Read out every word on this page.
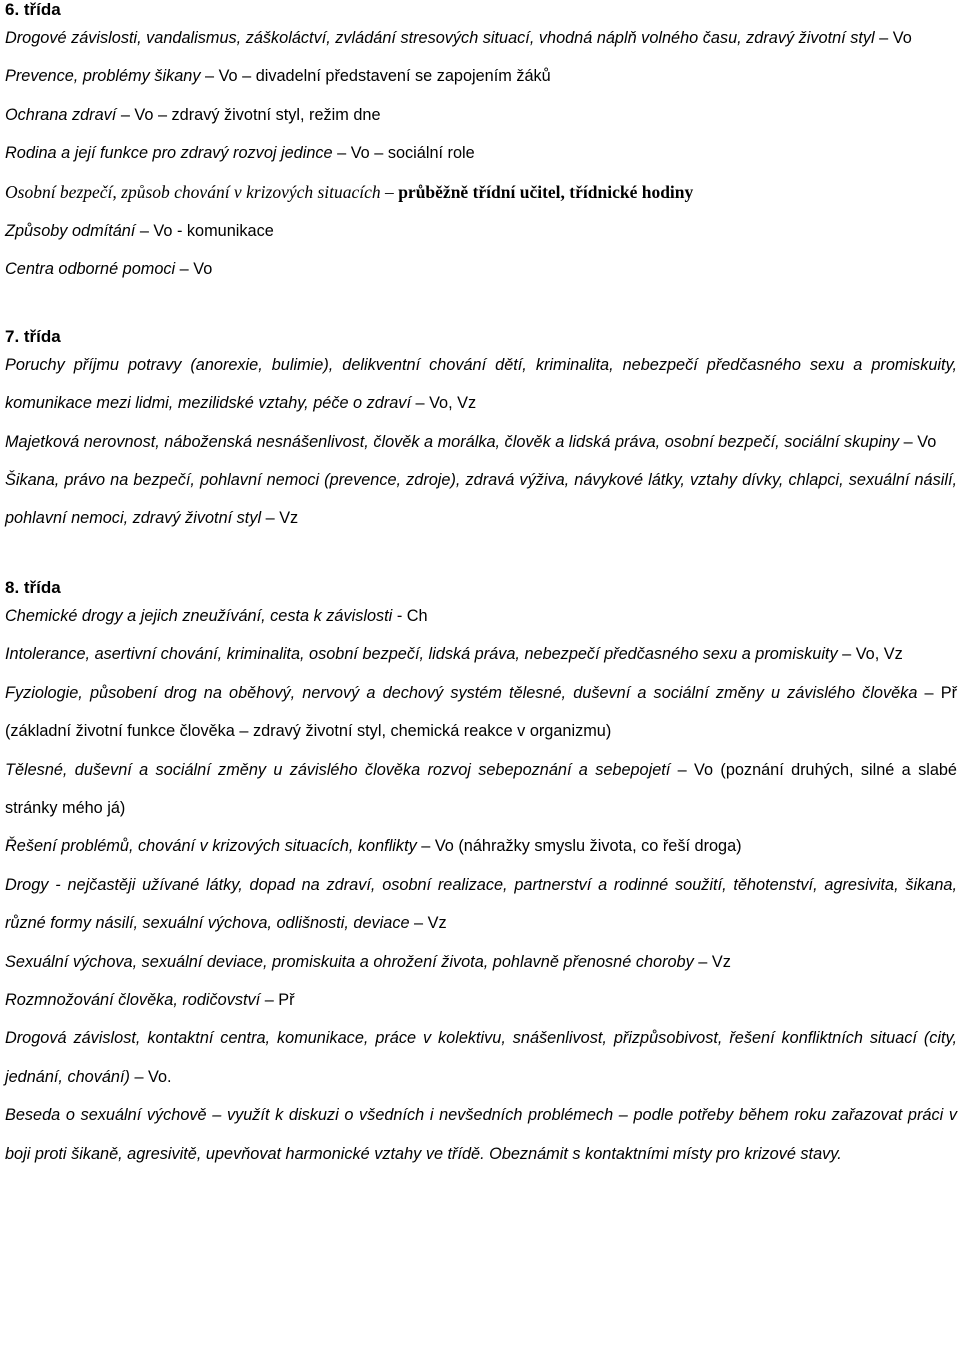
6. třída

Drogové závislosti, vandalismus, záškoláctví, zvládání stresových situací, vhodná náplň volného času, zdravý životní styl – Vo

Prevence, problémy šikany – Vo – divadelní představení se zapojením žáků

Ochrana zdraví – Vo – zdravý životní styl, režim dne

Rodina a její funkce pro zdravý rozvoj jedince – Vo – sociální role

Osobní bezpečí, způsob chování v krizových situacích – průběžně třídní učitel, třídnické hodiny

Způsoby odmítání – Vo - komunikace

Centra odborné pomoci – Vo

7. třída

Poruchy příjmu potravy (anorexie, bulimie), delikventní chování dětí, kriminalita, nebezpečí předčasného sexu a promiskuity, komunikace mezi lidmi, mezilidské vztahy, péče o zdraví – Vo, Vz

Majetková nerovnost, náboženská nesnášenlivost, člověk a morálka, člověk a lidská práva, osobní bezpečí, sociální skupiny – Vo

Šikana, právo na bezpečí, pohlavní nemoci (prevence, zdroje), zdravá výživa, návykové látky, vztahy dívky, chlapci, sexuální násilí, pohlavní nemoci, zdravý životní styl – Vz

8. třída

Chemické drogy a jejich zneužívání, cesta k závislosti - Ch

Intolerance, asertivní chování, kriminalita, osobní bezpečí, lidská práva, nebezpečí předčasného sexu a promiskuity – Vo, Vz

Fyziologie, působení drog na oběhový, nervový a dechový systém tělesné, duševní a sociální změny u závislého člověka – Př (základní životní funkce člověka – zdravý životní styl, chemická reakce v organizmu)

Tělesné, duševní a sociální změny u závislého člověka rozvoj sebepoznání a sebepojetí – Vo (poznání druhých, silné a slabé stránky mého já)

Řešení problémů, chování v krizových situacích, konflikty – Vo (náhražky smyslu života, co řeší droga)

Drogy - nejčastěji užívané látky, dopad na zdraví, osobní realizace, partnerství a rodinné soužití, těhotenství, agresivita, šikana, různé formy násilí, sexuální výchova, odlišnosti, deviace – Vz

Sexuální výchova, sexuální deviace, promiskuita a ohrožení života, pohlavně přenosné choroby – Vz

Rozmnožování člověka, rodičovství – Př

Drogová závislost, kontaktní centra, komunikace, práce v kolektivu, snášenlivost, přizpůsobivost, řešení konfliktních situací (city, jednání, chování) – Vo.

Beseda o sexuální výchově – využít k diskuzi o všedních i nevšedních problémech – podle potřeby během roku zařazovat práci v boji proti šikaně, agresivitě, upevňovat harmonické vztahy ve třídě. Obeznámit s kontaktními místy pro krizové stavy.
